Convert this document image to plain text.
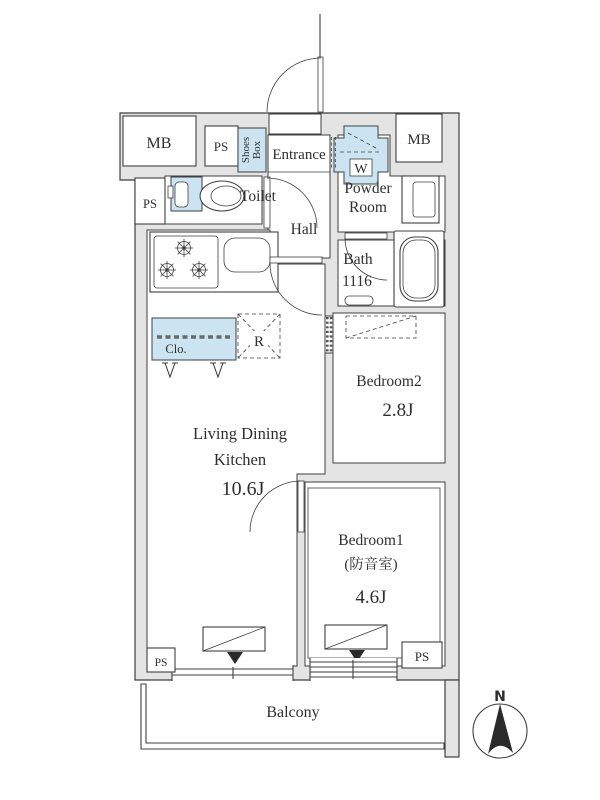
MB	PS	MB
PS
Shoes Box
W
Clo.	R
PS	PS
Balcony
Entrance
Toilet
Hall
Powder
Room
Bath
1116
Living Dining
Kitchen
10.6J
Bedroom2
2.8J
Bedroom1
(防音室)
4.6J
N
